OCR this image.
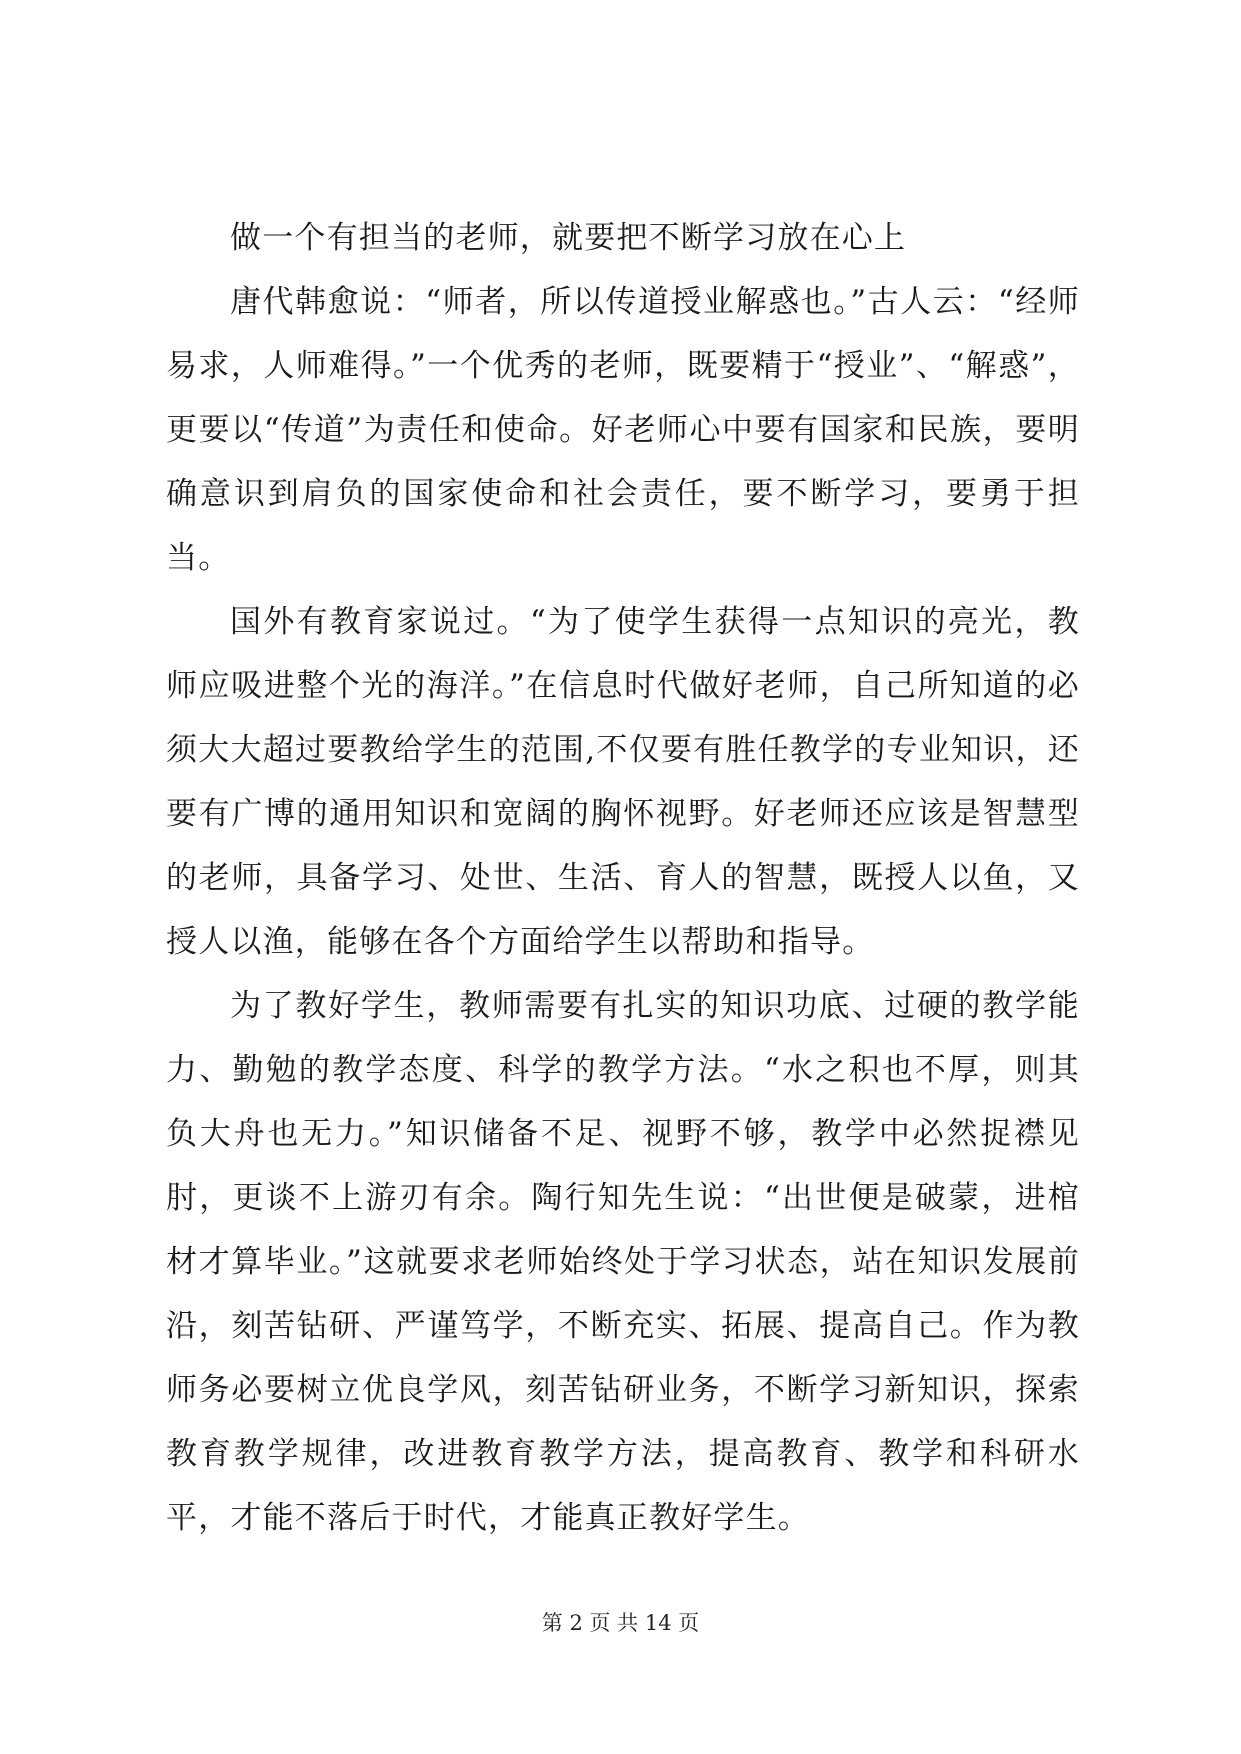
做一个有担当的老师，就要把不断学习放在心上

唐代韩愈说：“师者，所以传道授业解惑也。”古人云：“经师易求，人师难得。”一个优秀的老师，既要精于“授业”、“解惑”，更要以“传道”为责任和使命。好老师心中要有国家和民族，要明确意识到肩负的国家使命和社会责任，要不断学习，要勇于担当。

国外有教育家说过。“为了使学生获得一点知识的亮光，教师应吸进整个光的海洋。”在信息时代做好老师，自己所知道的必须大大超过要教给学生的范围,不仅要有胜任教学的专业知识，还要有广博的通用知识和宽阔的胸怀视野。好老师还应该是智慧型的老师，具备学习、处世、生活、育人的智慧，既授人以鱼，又授人以渔，能够在各个方面给学生以帮助和指导。

为了教好学生，教师需要有扎实的知识功底、过硬的教学能力、勤勉的教学态度、科学的教学方法。“水之积也不厚，则其负大舟也无力。”知识储备不足、视野不够，教学中必然捉襟见肘，更谈不上游刃有余。陶行知先生说：“出世便是破蒙，进棺材才算毕业。”这就要求老师始终处于学习状态，站在知识发展前沿，刻苦钻研、严谨笃学，不断充实、拓展、提高自己。作为教师务必要树立优良学风，刻苦钻研业务，不断学习新知识，探索教育教学规律，改进教育教学方法，提高教育、教学和科研水平，才能不落后于时代，才能真正教好学生。

第 2 页 共 14 页
